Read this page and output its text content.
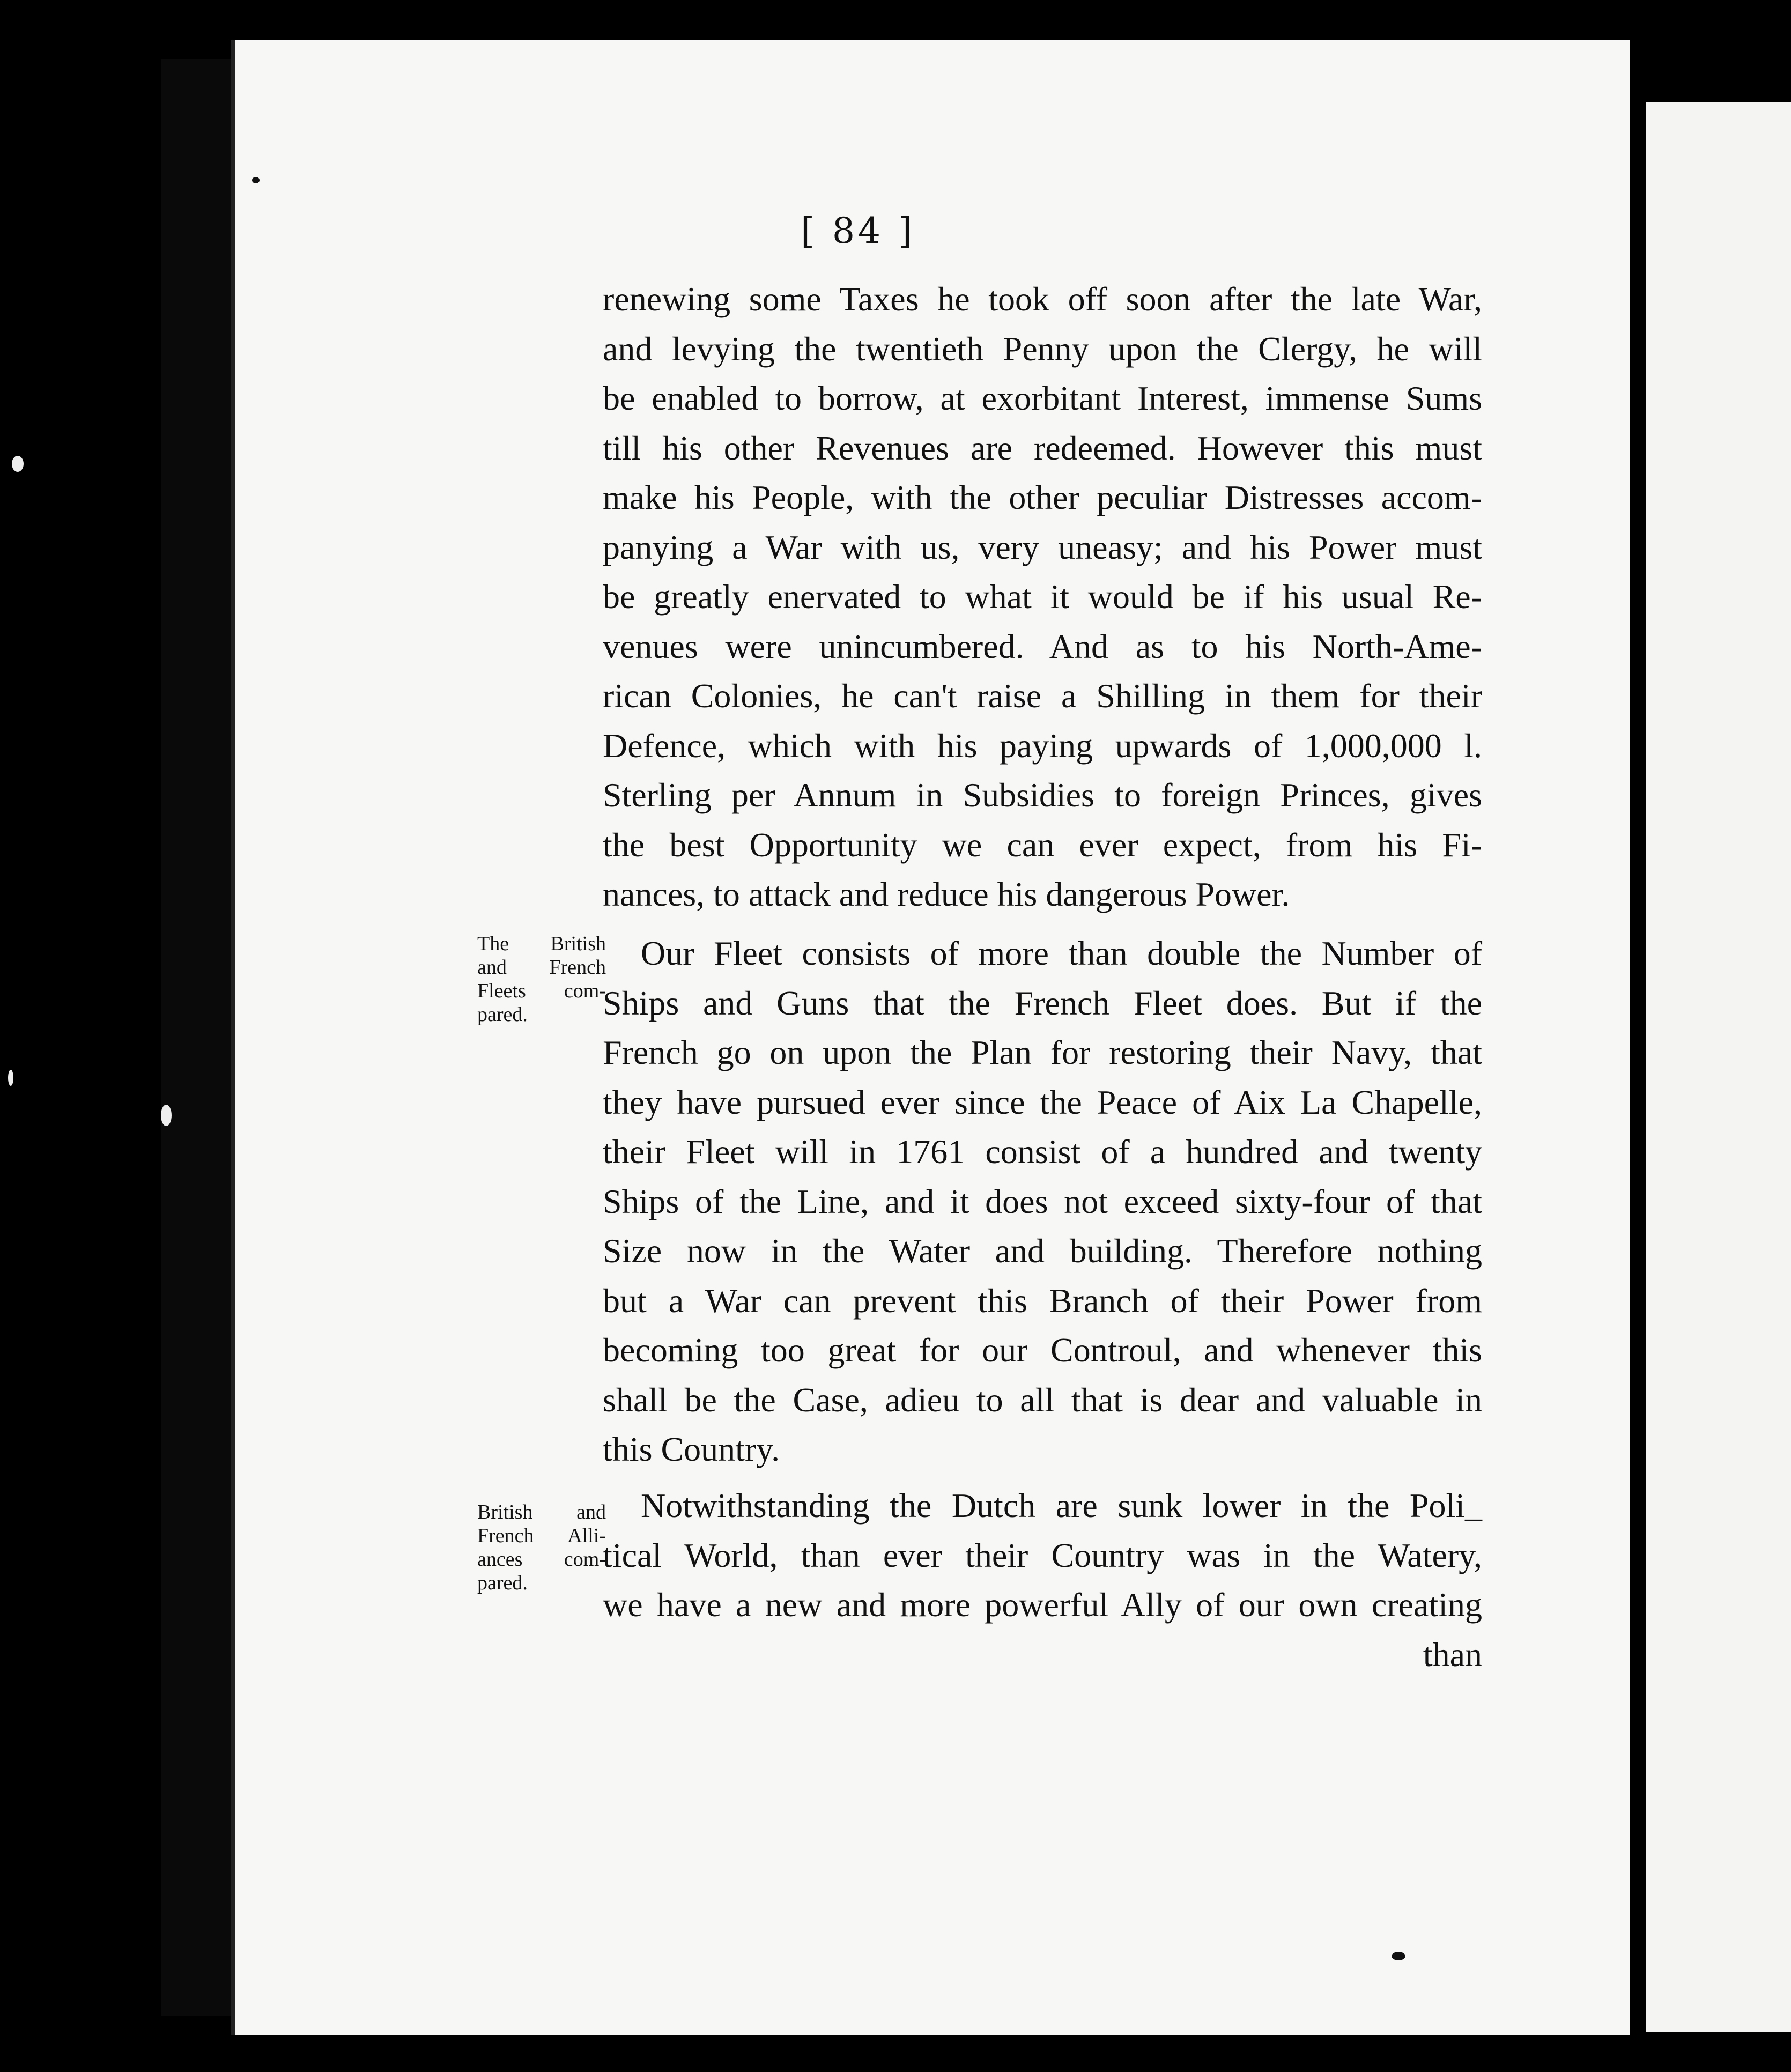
[ 84 ]
renewing some Taxes he took off soon after the late War,
and levying the twentieth Penny upon the Clergy, he will
be enabled to borrow, at exorbitant Interest, immense Sums
till his other Revenues are redeemed. However this must
make his People, with the other peculiar Distresses accom-
panying a War with us, very uneasy; and his Power must
be greatly enervated to what it would be if his usual Re-
venues were unincumbered. And as to his North-Ame-
rican Colonies, he can't raise a Shilling in them for their
Defence, which with his paying upwards of 1,000,000 l.
Sterling per Annum in Subsidies to foreign Princes, gives
the best Opportunity we can ever expect, from his Fi-
nances, to attack and reduce his dangerous Power.
The British
and French
Fleets com-
pared.
Our Fleet consists of more than double the Number of
Ships and Guns that the French Fleet does. But if the
French go on upon the Plan for restoring their Navy, that
they have pursued ever since the Peace of Aix La Chapelle,
their Fleet will in 1761 consist of a hundred and twenty
Ships of the Line, and it does not exceed sixty-four of that
Size now in the Water and building. Therefore nothing
but a War can prevent this Branch of their Power from
becoming too great for our Controul, and whenever this
shall be the Case, adieu to all that is dear and valuable in
this Country.
British and
French Alli-
ances com-
pared.
Notwithstanding the Dutch are sunk lower in the Poli_
tical World, than ever their Country was in the Watery,
we have a new and more powerful Ally of our own creating
than
